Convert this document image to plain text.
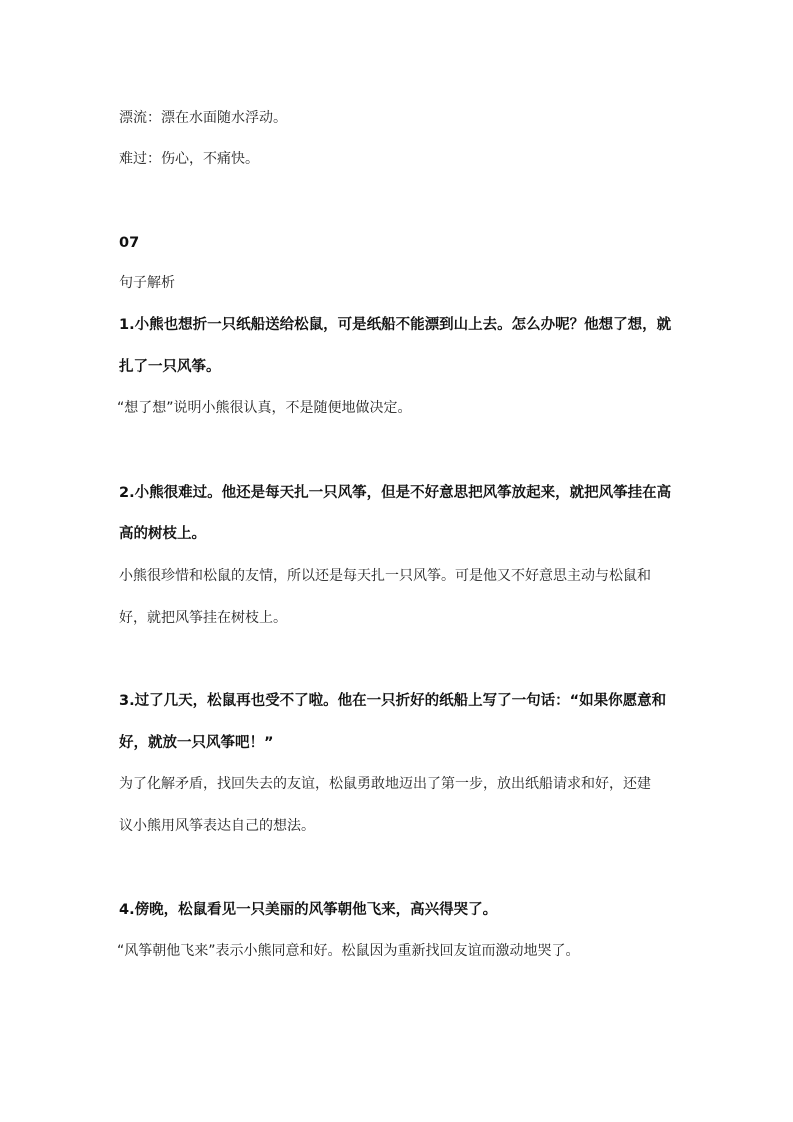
漂流：漂在水面随水浮动。
难过：伤心，不痛快。
07
句子解析
1.小熊也想折一只纸船送给松鼠，可是纸船不能漂到山上去。怎么办呢？他想了想，就
扎了一只风筝。
“想了想”说明小熊很认真，不是随便地做决定。
2.小熊很难过。他还是每天扎一只风筝，但是不好意思把风筝放起来，就把风筝挂在高
高的树枝上。
小熊很珍惜和松鼠的友情，所以还是每天扎一只风筝。可是他又不好意思主动与松鼠和
好，就把风筝挂在树枝上。
3.过了几天，松鼠再也受不了啦。他在一只折好的纸船上写了一句话：“如果你愿意和
好，就放一只风筝吧！”
为了化解矛盾，找回失去的友谊，松鼠勇敢地迈出了第一步，放出纸船请求和好，还建
议小熊用风筝表达自己的想法。
4.傍晚，松鼠看见一只美丽的风筝朝他飞来，高兴得哭了。
“风筝朝他飞来”表示小熊同意和好。松鼠因为重新找回友谊而激动地哭了。
